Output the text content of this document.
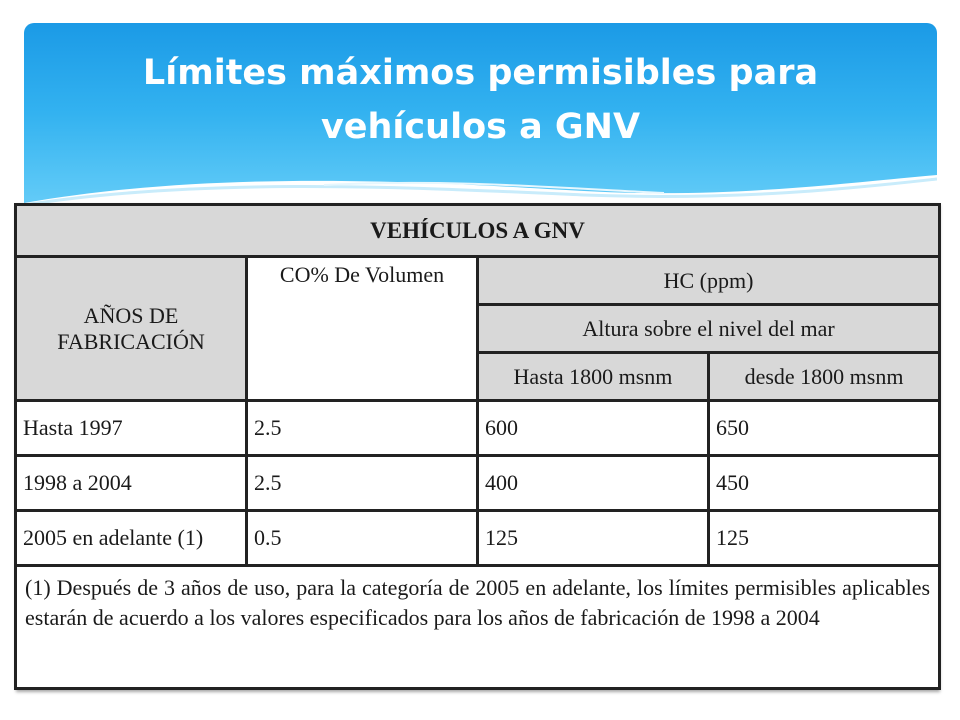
Límites máximos permisibles para
vehículos a GNV
VEHÍCULOS A GNV			

AÑOS DE
FABRICACIÓN	CO% De Volumen	HC (ppm)	
		Altura sobre el nivel del mar	
		Hasta 1800 msnm	desde 1800 msnm
Hasta 1997	2.5	600	650
1998 a 2004	2.5	400	450
2005 en adelante (1)	0.5	125	125
(1) Después de 3 años de uso, para la categoría de 2005 en adelante, los límites permisibles aplicables estarán de acuerdo a los valores especificados para los años de fabricación de 1998 a 2004			
